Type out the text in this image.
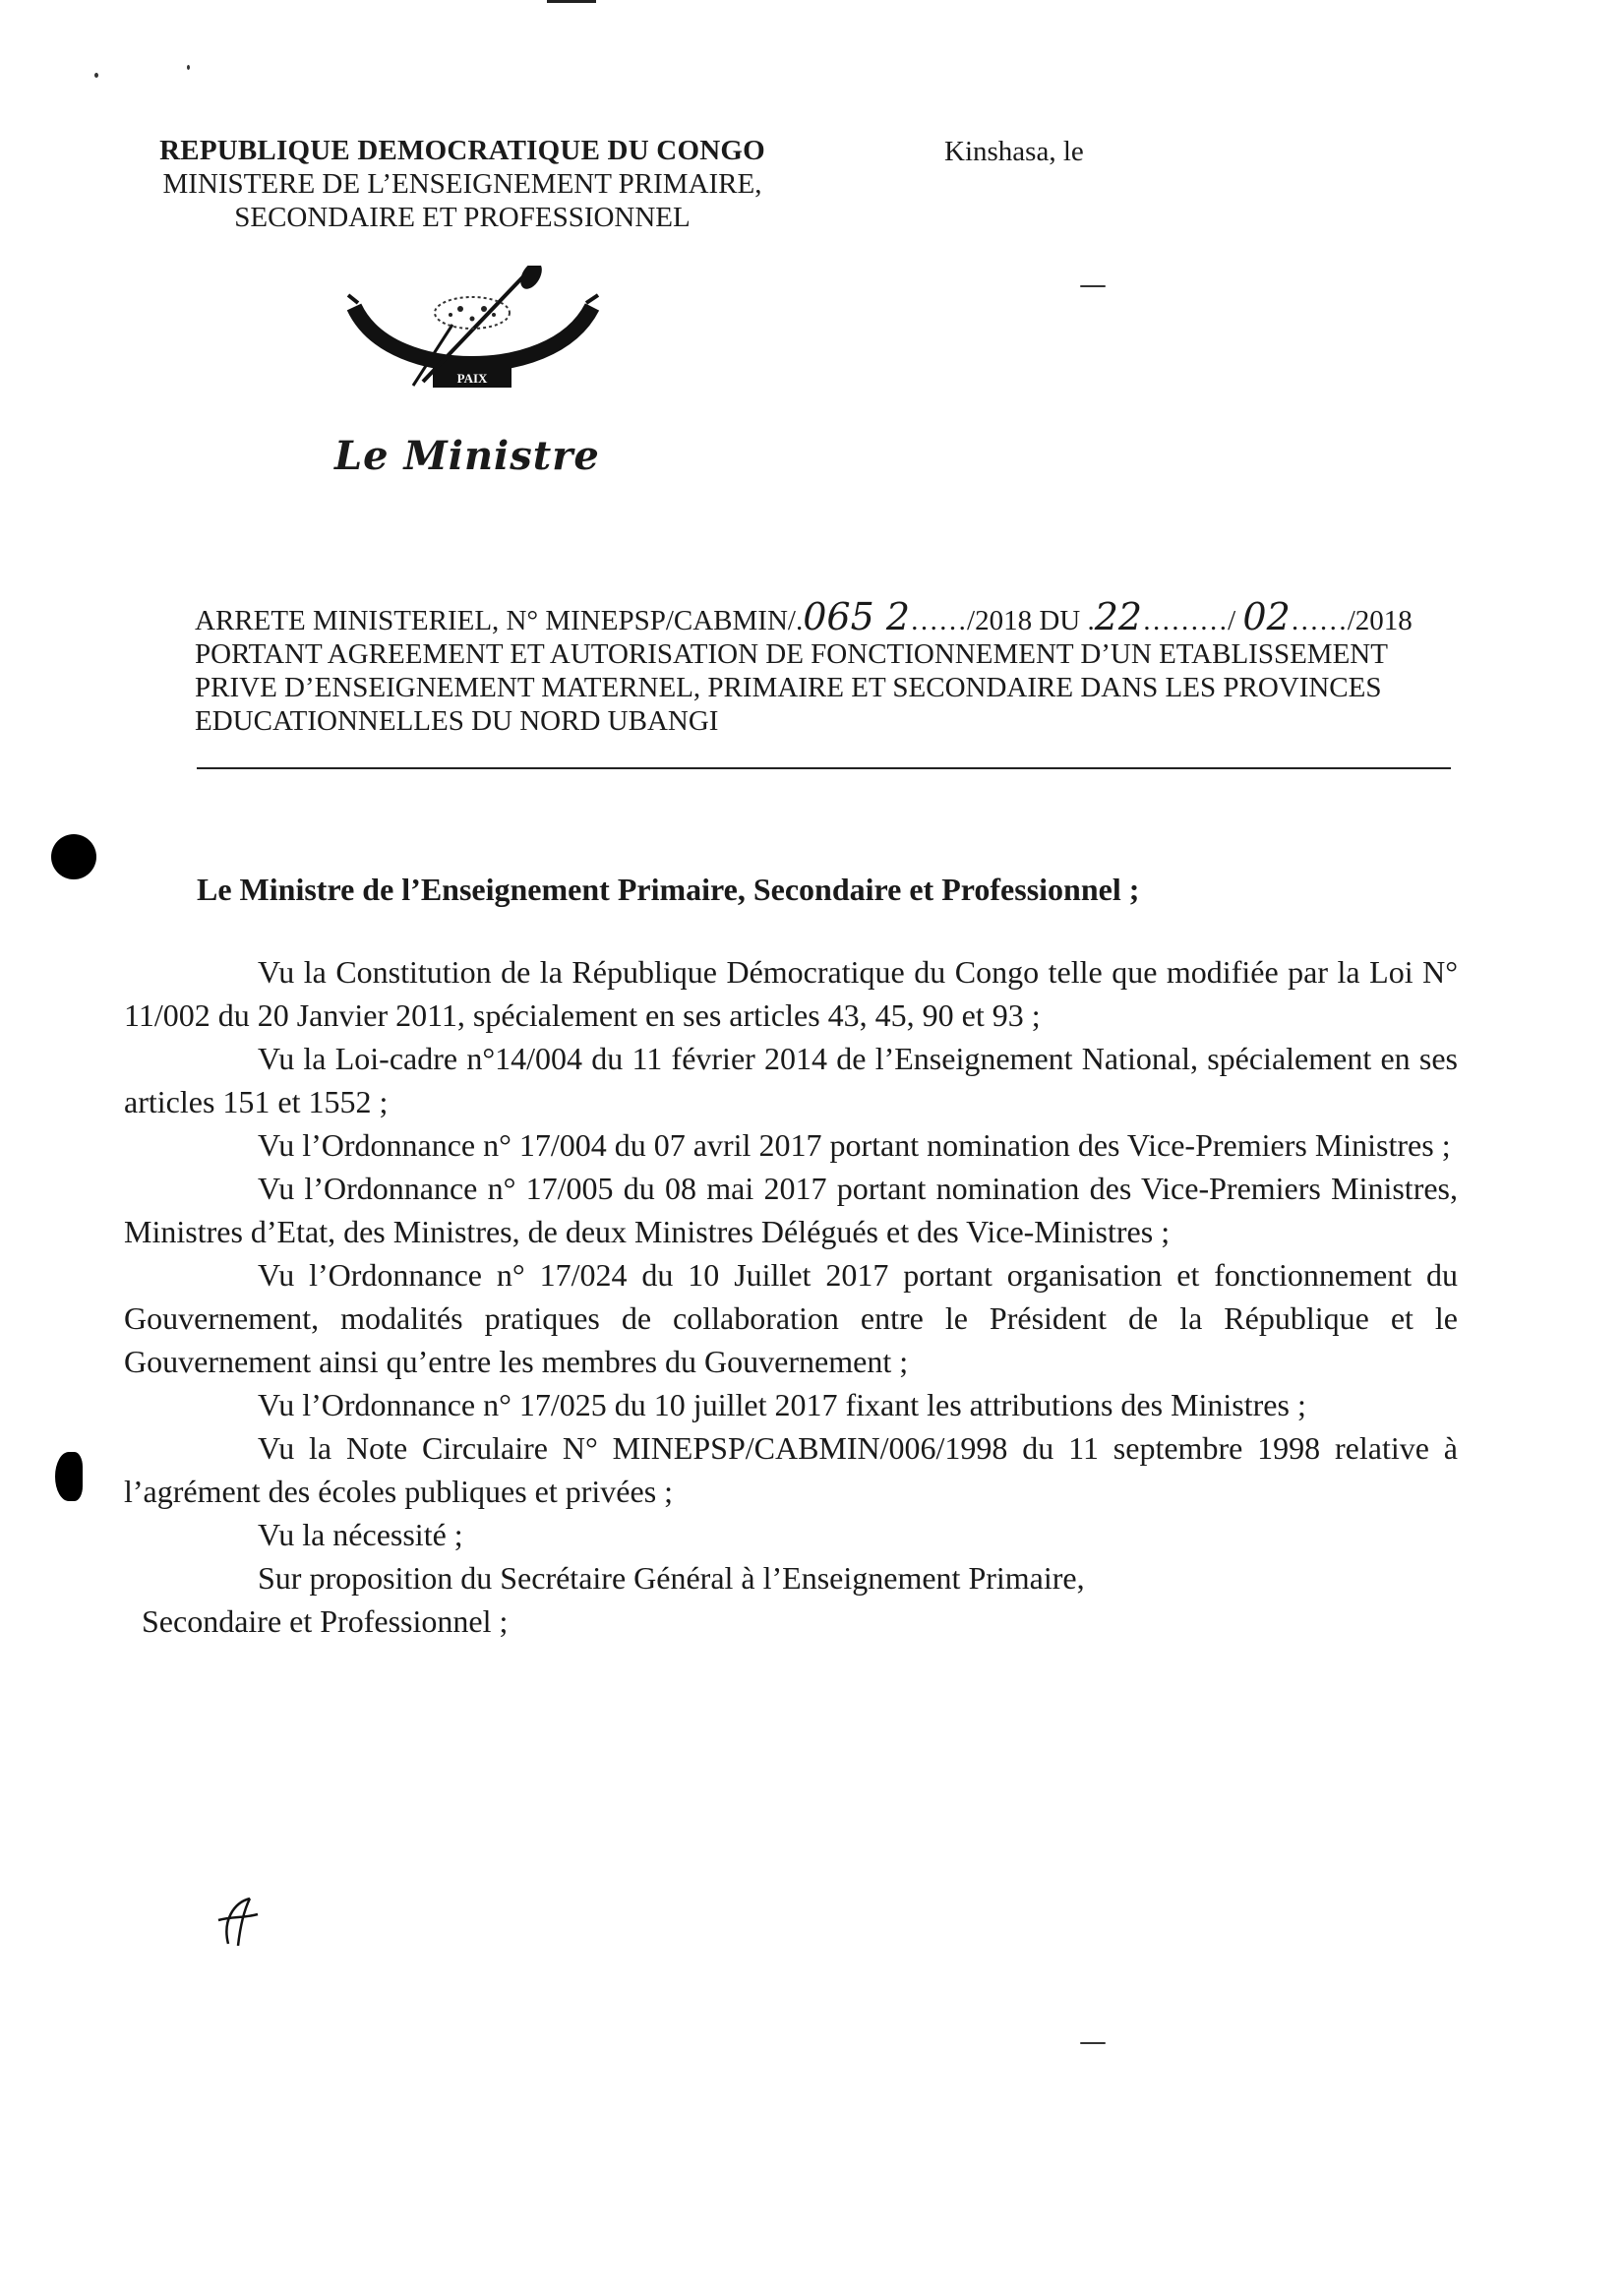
REPUBLIQUE DEMOCRATIQUE DU CONGO
MINISTERE DE L’ENSEIGNEMENT PRIMAIRE,
SECONDAIRE ET PROFESSIONNEL
Kinshasa, le
PAIX
Le Ministre
ARRETE MINISTERIEL, N° MINEPSP/CABMIN/.065 2……/2018 DU .22………/ 02……/2018 PORTANT AGREEMENT ET AUTORISATION DE FONCTIONNEMENT D’UN ETABLISSEMENT PRIVE D’ENSEIGNEMENT MATERNEL, PRIMAIRE ET SECONDAIRE DANS LES PROVINCES EDUCATIONNELLES DU NORD UBANGI
Le Ministre de l’Enseignement Primaire, Secondaire et Professionnel ;

Vu la Constitution de la République Démocratique du Congo telle que modifiée par la Loi N° 11/002 du 20 Janvier 2011, spécialement en ses articles 43, 45, 90 et 93 ;

Vu la Loi-cadre n°14/004 du 11 février 2014 de l’Enseignement National, spécialement en ses articles 151 et 1552 ;

Vu l’Ordonnance n° 17/004 du 07 avril 2017 portant nomination des Vice-Premiers Ministres ;

Vu l’Ordonnance n° 17/005 du 08 mai 2017 portant nomination des Vice-Premiers Ministres, Ministres d’Etat, des Ministres, de deux Ministres Délégués et des Vice-Ministres ;

Vu l’Ordonnance n° 17/024 du 10 Juillet 2017 portant organisation et fonctionnement du Gouvernement, modalités pratiques de collaboration entre le Président de la République et le Gouvernement ainsi qu’entre les membres du Gouvernement ;

Vu l’Ordonnance n° 17/025 du 10 juillet 2017 fixant les attributions des Ministres ;

Vu la Note Circulaire N° MINEPSP/CABMIN/006/1998 du 11 septembre 1998 relative à l’agrément des écoles publiques et privées ;

Vu la nécessité ;

Sur proposition du Secrétaire Général à l’Enseignement Primaire,

Secondaire et Professionnel ;
